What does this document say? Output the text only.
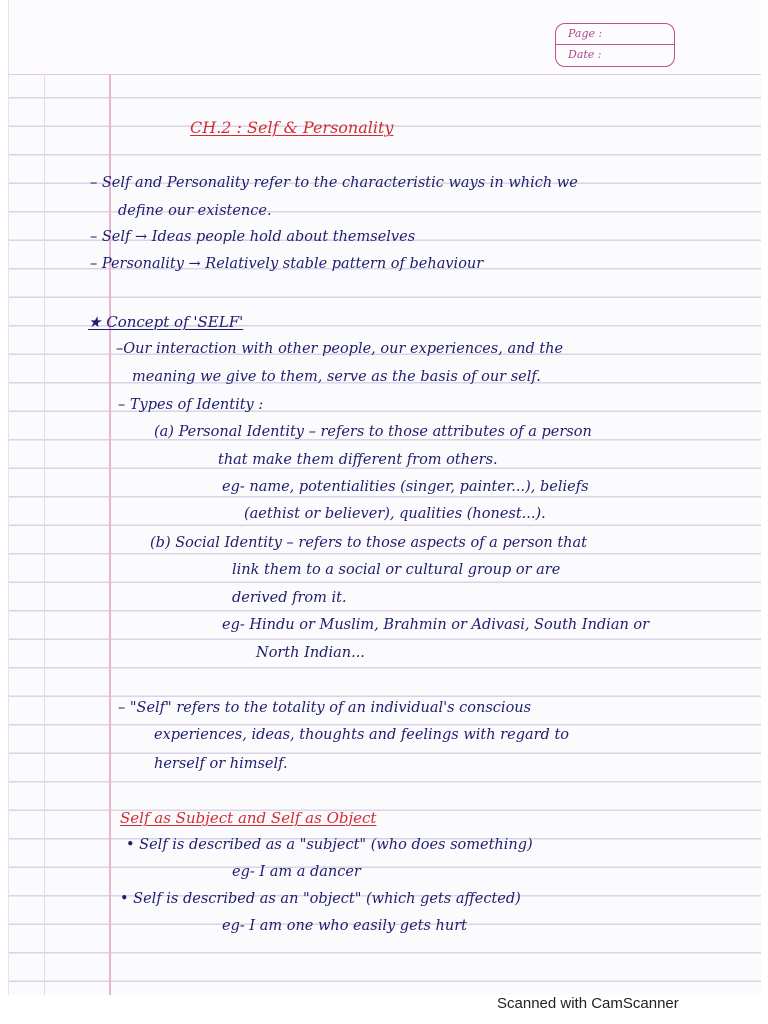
Page :
Date :
CH.2 : Self & Personality
– Self and Personality refer to the characteristic ways in which we
define our existence.
– Self → Ideas people hold about themselves
– Personality → Relatively stable pattern of behaviour
★ Concept of 'SELF'
–Our interaction with other people, our experiences, and the
meaning we give to them, serve as the basis of our self.
– Types of Identity :
(a) Personal Identity – refers to those attributes of a person
that make them different from others.
eg- name, potentialities (singer, painter...), beliefs
(aethist or believer), qualities (honest...).
(b) Social Identity – refers to those aspects of a person that
link them to a social or cultural group or are
derived from it.
eg- Hindu or Muslim, Brahmin or Adivasi, South Indian or
North Indian...
– "Self" refers to the totality of an individual's conscious
experiences, ideas, thoughts and feelings with regard to
herself or himself.
Self as Subject and Self as Object
• Self is described as a "subject" (who does something)
eg- I am a dancer
• Self is described as an "object" (which gets affected)
eg- I am one who easily gets hurt
Scanned with CamScanner
